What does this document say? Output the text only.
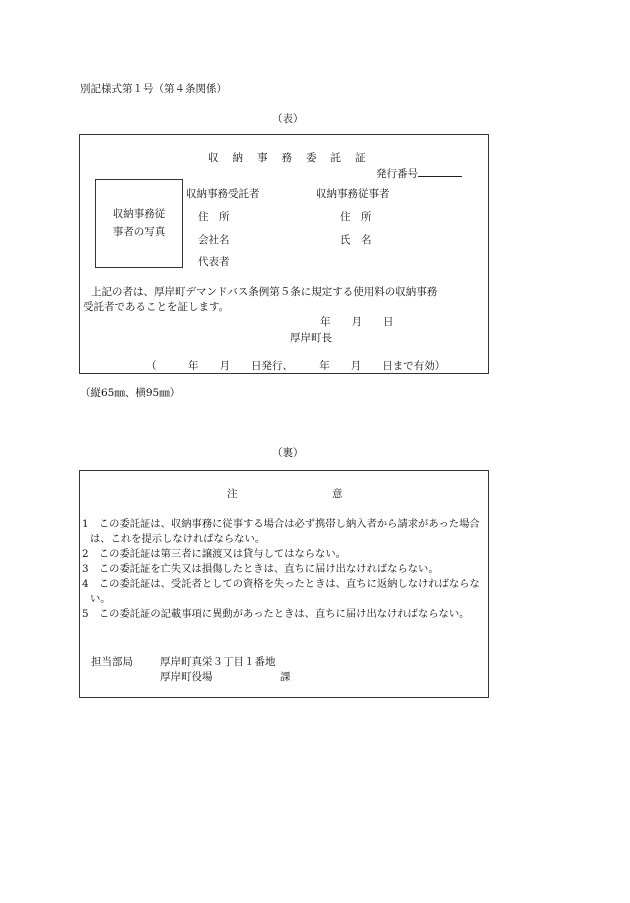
別記様式第１号（第４条関係）
（表）
収納事務委託証
発行番号
収納事務従
事者の写真
収納事務受託者
住　所
会社名
代表者
収納事務従事者
住　所
氏　名
上記の者は、厚岸町デマンドバス条例第５条に規定する使用料の収納事務
受託者であることを証します。
年　　月　　日
厚岸町長
（　　　年　　月　　日発行、　　　年　　月　　日まで有効）
（縦65㎜、横95㎜）
（裏）
注	意

1　この委託証は、収納事務に従事する場合は必ず携帯し納入者から請求があった場合は、これを提示しなければならない。

2　この委託証は第三者に譲渡又は貸与してはならない。

3　この委託証を亡失又は損傷したときは、直ちに届け出なければならない。

4　この委託証は、受託者としての資格を失ったときは、直ちに返納しなければならない。

5　この委託証の記載事項に異動があったときは、直ちに届け出なければならない。

担当部局	厚岸町真栄３丁目１番地
厚岸町役場	課
